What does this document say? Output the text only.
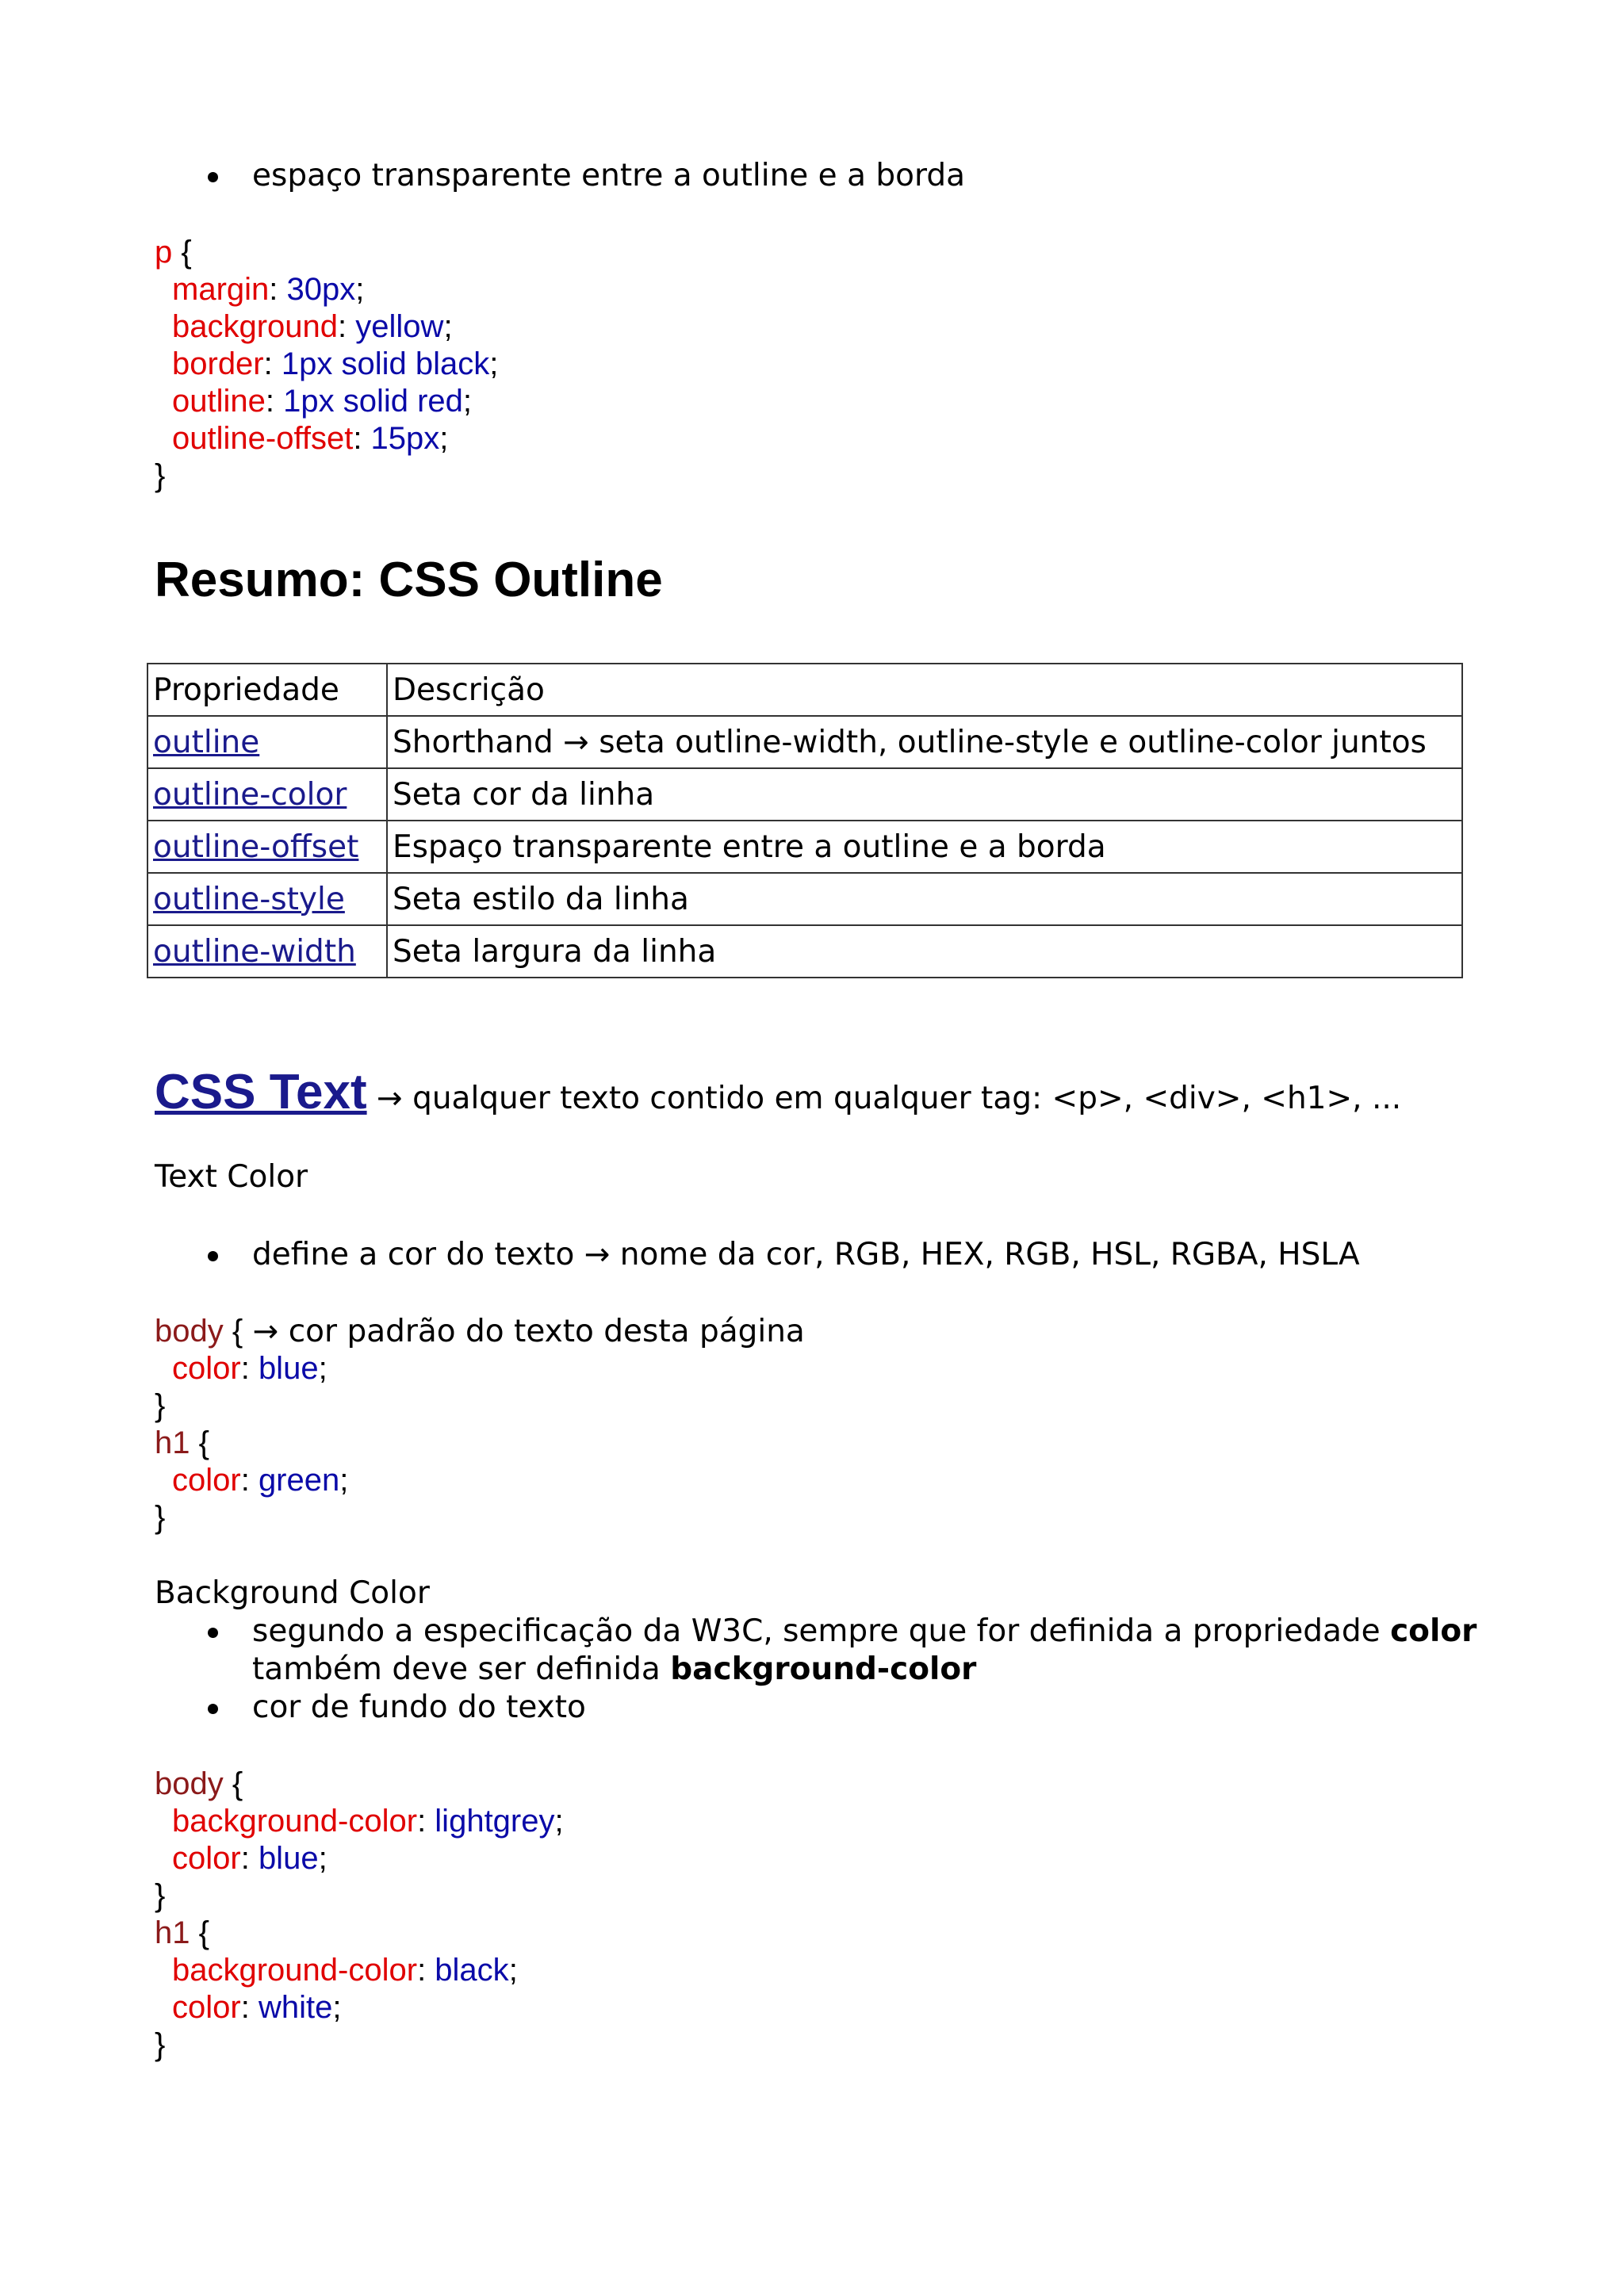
espaço transparente entre a outline e a borda
p {
margin: 30px;
background: yellow;
border: 1px solid black;
outline: 1px solid red;
outline-offset: 15px;
}
Resumo: CSS Outline
Propriedade	Descrição
outline	Shorthand → seta outline-width, outline-style e outline-color juntos
outline-color	Seta cor da linha
outline-offset	Espaço transparente entre a outline e a borda
outline-style	Seta estilo da linha
outline-width	Seta largura da linha
CSS Text → qualquer texto contido em qualquer tag: <p>, <div>, <h1>, ...
Text Color
define a cor do texto → nome da cor, RGB, HEX, RGB, HSL, RGBA, HSLA
body { → cor padrão do texto desta página
color: blue;
}
h1 {
color: green;
}
Background Color
segundo a especificação da W3C, sempre que for definida a propriedade color
também deve ser definida background-color
cor de fundo do texto
body {
background-color: lightgrey;
color: blue;
}
h1 {
background-color: black;
color: white;
}
